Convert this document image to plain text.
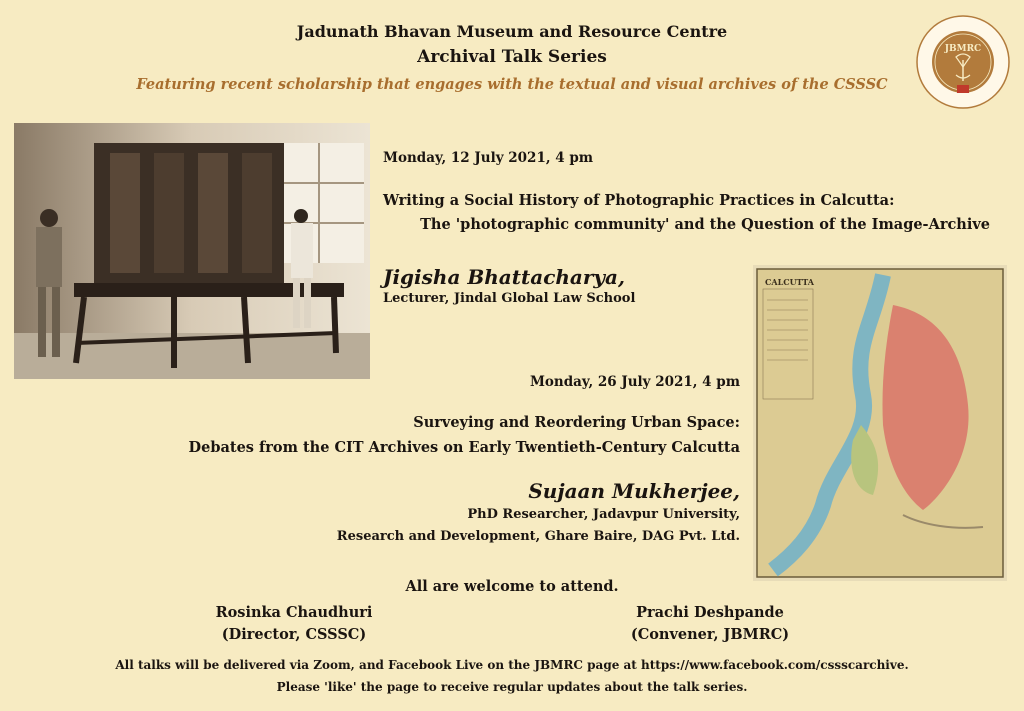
Jadunath Bhavan Museum and Resource Centre
Archival Talk Series
Featuring recent scholarship that engages with the textual and visual archives of the CSSSC
JBMRC
Monday, 12 July 2021, 4 pm
Writing a Social History of Photographic Practices in Calcutta:
The 'photographic community' and the Question of the Image-Archive
Jigisha Bhattacharya,
Lecturer, Jindal Global Law School
CALCUTTA
Monday, 26 July 2021, 4 pm
Surveying and Reordering Urban Space:
Debates from the CIT Archives on Early Twentieth-Century Calcutta
Sujaan Mukherjee,
PhD Researcher, Jadavpur University,
Research and Development, Ghare Baire, DAG Pvt. Ltd.
All are welcome to attend.
Rosinka Chaudhuri
(Director, CSSSC)
Prachi Deshpande
(Convener, JBMRC)
All talks will be delivered via Zoom, and Facebook Live on the JBMRC page at https://www.facebook.com/cssscarchive.
Please 'like' the page to receive regular updates about the talk series.
